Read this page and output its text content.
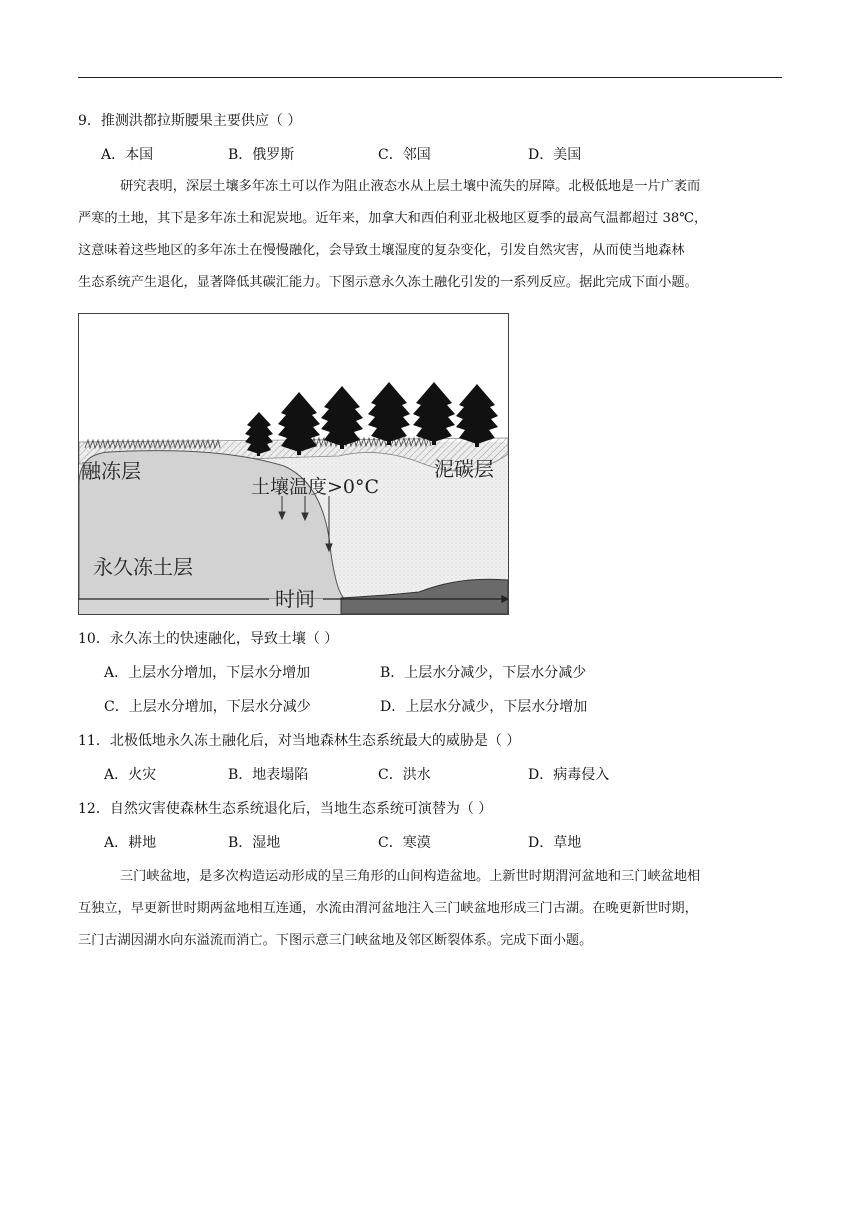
9．推测洪都拉斯腰果主要供应（ ）
A．本国	B．俄罗斯	C．邻国	D．美国
研究表明，深层土壤多年冻土可以作为阻止液态水从上层土壤中流失的屏障。北极低地是一片广袤而
严寒的土地，其下是多年冻土和泥炭地。近年来，加拿大和西伯利亚北极地区夏季的最高气温都超过 38℃，
这意味着这些地区的多年冻土在慢慢融化，会导致土壤湿度的复杂变化，引发自然灾害，从而使当地森林
生态系统产生退化，显著降低其碳汇能力。下图示意永久冻土融化引发的一系列反应。据此完成下面小题。
融冻层	泥碳层
土壤温度>0°C
永久冻土层
时间
10．永久冻土的快速融化，导致土壤（ ）
A．上层水分增加，下层水分增加	B．上层水分减少，下层水分减少
C．上层水分增加，下层水分减少	D．上层水分减少，下层水分增加
11．北极低地永久冻土融化后，对当地森林生态系统最大的威胁是（ ）
A．火灾	B．地表塌陷	C．洪水	D．病毒侵入
12．自然灾害使森林生态系统退化后，当地生态系统可演替为（ ）
A．耕地	B．湿地	C．寒漠	D．草地
三门峡盆地，是多次构造运动形成的呈三角形的山间构造盆地。上新世时期渭河盆地和三门峡盆地相
互独立，早更新世时期两盆地相互连通，水流由渭河盆地注入三门峡盆地形成三门古湖。在晚更新世时期，
三门古湖因湖水向东溢流而消亡。下图示意三门峡盆地及邻区断裂体系。完成下面小题。
